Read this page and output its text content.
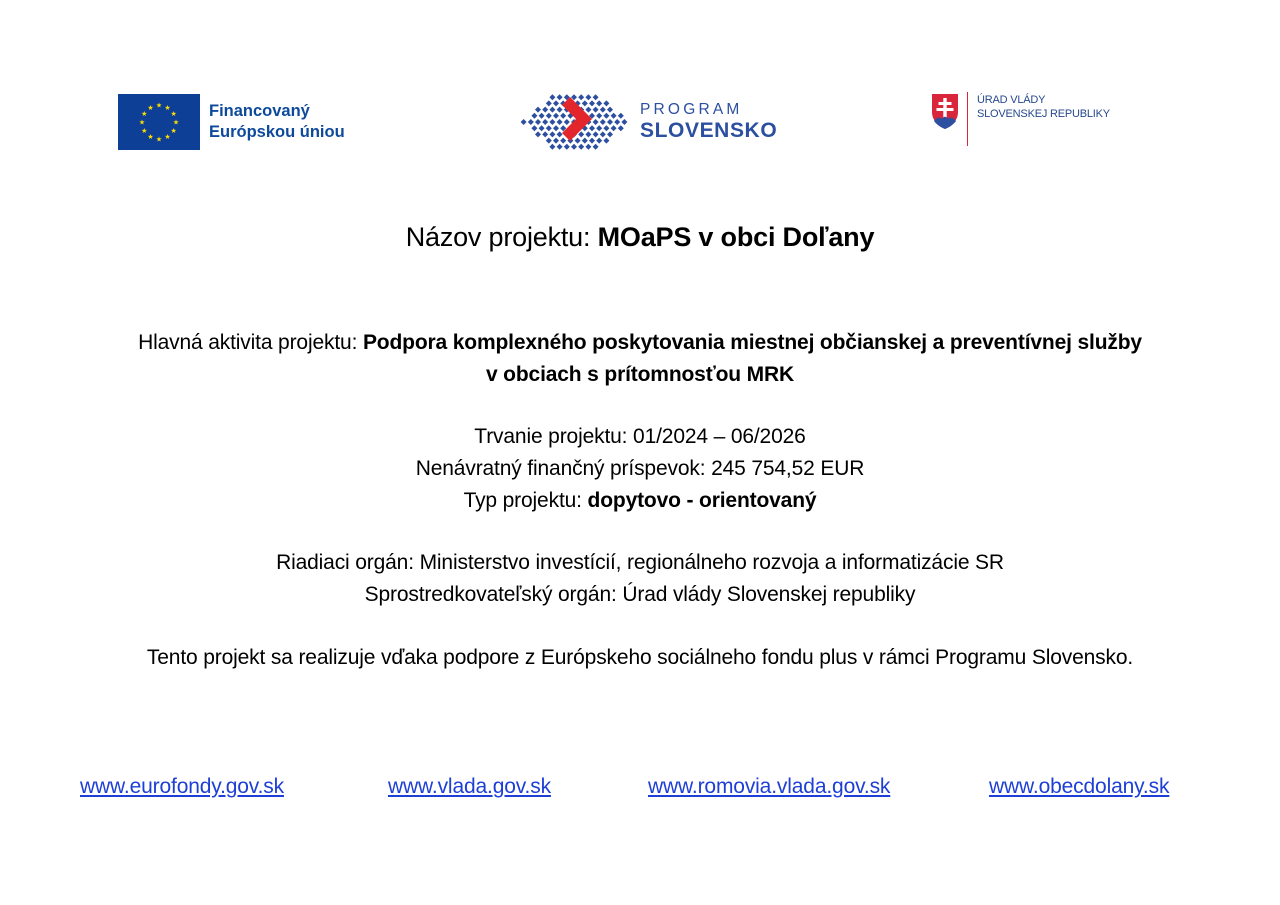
★ ★
★
★
★
★
★
★
★
★
★
★	Financovaný
Európskou úniou
PROGRAM
SLOVENSKO
ÚRAD VLÁDY
SLOVENSKEJ REPUBLIKY
Názov projektu: MOaPS v obci Doľany
Hlavná aktivita projektu: Podpora komplexného poskytovania miestnej občianskej a preventívnej služby
v obciach s prítomnosťou MRK
Trvanie projektu: 01/2024 – 06/2026
Nenávratný finančný príspevok: 245 754,52 EUR
Typ projektu: dopytovo - orientovaný
Riadiaci orgán: Ministerstvo investícií, regionálneho rozvoja a informatizácie SR
Sprostredkovateľský orgán: Úrad vlády Slovenskej republiky
Tento projekt sa realizuje vďaka podpore z Európskeho sociálneho fondu plus v rámci Programu Slovensko.
www.eurofondy.gov.sk	www.vlada.gov.sk	www.romovia.vlada.gov.sk	www.obecdolany.sk
